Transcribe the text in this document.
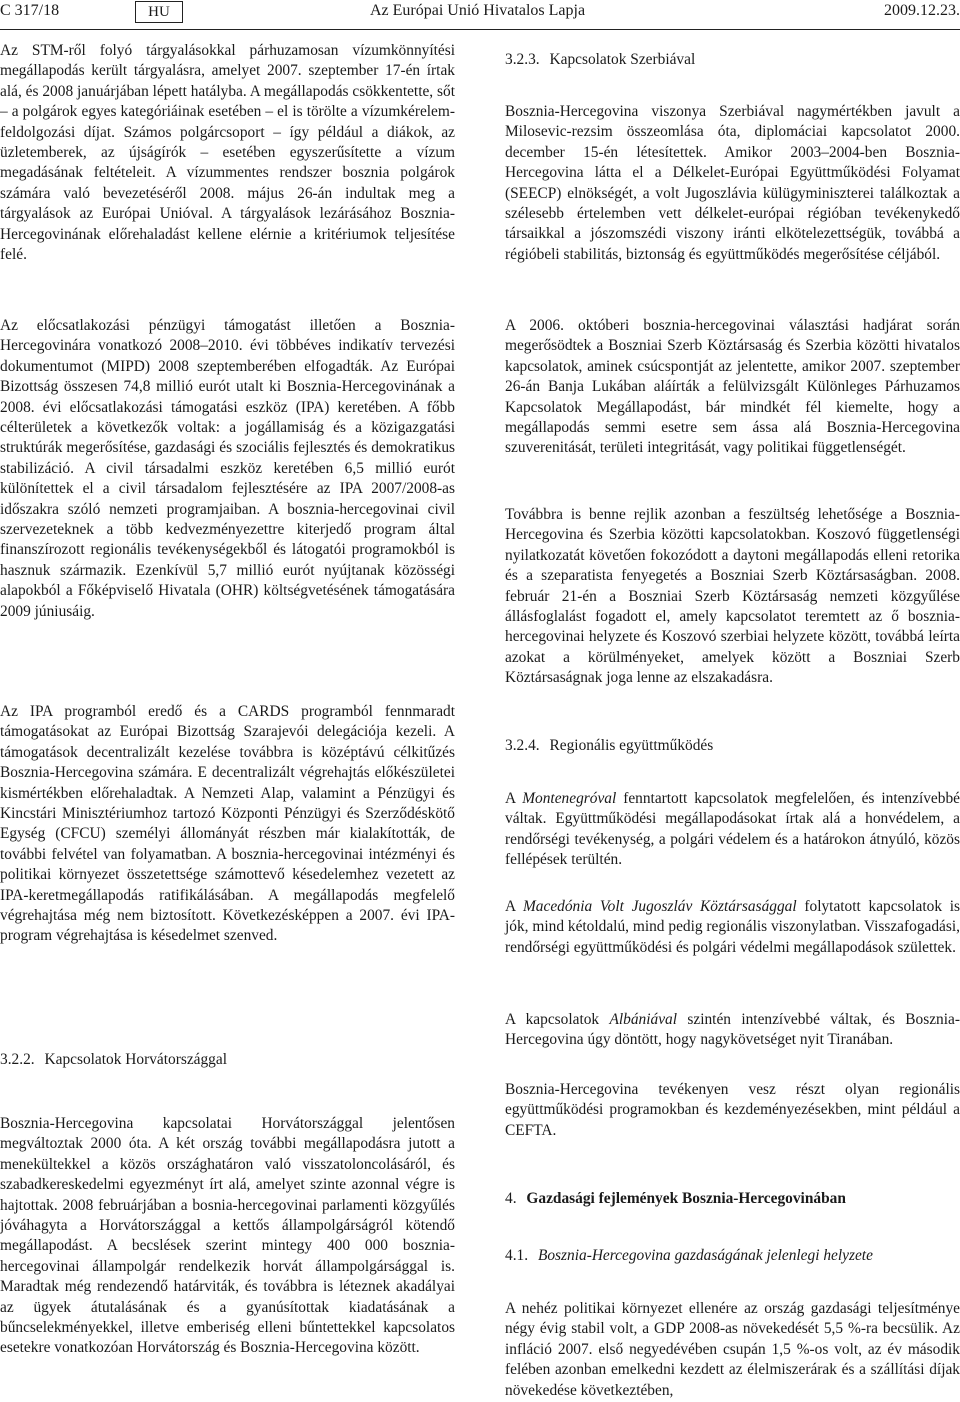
C 317/18	HU	Az Európai Unió Hivatalos Lapja	2009.12.23.

Az STM-ről folyó tárgyalásokkal párhuzamosan vízumkönnyítési megállapodás került tárgyalásra, amelyet 2007. szeptember 17-én írtak alá, és 2008 januárjában lépett hatályba. A megállapodás csökkentette, sőt – a polgárok egyes kategóriáinak esetében – el is törölte a vízumkérelem-feldolgozási díjat. Számos polgárcsoport – így például a diákok, az üzletemberek, az újságírók – esetében egyszerűsítette a vízum megadásának feltételeit. A vízummentes rendszer bosznia polgárok számára való bevezetéséről 2008. május 26-án indultak meg a tárgyalások az Európai Unióval. A tárgyalások lezárásához Bosznia-Hercegovinának előrehaladást kellene elérnie a kritériumok teljesítése felé.

Az előcsatlakozási pénzügyi támogatást illetően a Bosznia-Hercegovinára vonatkozó 2008–2010. évi többéves indikatív tervezési dokumentumot (MIPD) 2008 szeptemberében elfogadták. Az Európai Bizottság összesen 74,8 millió eurót utalt ki Bosznia-Hercegovinának a 2008. évi előcsatlakozási támogatási eszköz (IPA) keretében. A főbb célterületek a következők voltak: a jogállamiság és a közigazgatási struktúrák megerősítése, gazdasági és szociális fejlesztés és demokratikus stabilizáció. A civil társadalmi eszköz keretében 6,5 millió eurót különítettek el a civil társadalom fejlesztésére az IPA 2007/2008-as időszakra szóló nemzeti programjaiban. A bosznia-hercegovinai civil szervezeteknek a több kedvezményezettre kiterjedő program által finanszírozott regionális tevékenységekből és látogatói programokból is hasznuk származik. Ezenkívül 5,7 millió eurót nyújtanak közösségi alapokból a Főképviselő Hivatala (OHR) költségvetésének támogatására 2009 júniusáig.

Az IPA programból eredő és a CARDS programból fennmaradt támogatásokat az Európai Bizottság Szarajevói delegációja kezeli. A támogatások decentralizált kezelése továbbra is középtávú célkitűzés Bosznia-Hercegovina számára. E decentralizált végrehajtás előkészületei kismértékben előrehaladtak. A Nemzeti Alap, valamint a Pénzügyi és Kincstári Minisztériumhoz tartozó Központi Pénzügyi és Szerződéskötő Egység (CFCU) személyi állományát részben már kialakították, de további felvétel van folyamatban. A bosznia-hercegovinai intézményi és politikai környezet összetettsége számottevő késedelemhez vezetett az IPA-keretmegállapodás ratifikálásában. A megállapodás megfelelő végrehajtása még nem biztosított. Következésképpen a 2007. évi IPA-program végrehajtása is késedelmet szenved.

3.2.2. Kapcsolatok Horvátországgal

Bosznia-Hercegovina kapcsolatai Horvátországgal jelentősen megváltoztak 2000 óta. A két ország további megállapodásra jutott a menekültekkel a közös országhatáron való visszatoloncolásáról, és szabadkereskedelmi egyezményt írt alá, amelyet szinte azonnal végre is hajtottak. 2008 februárjában a bosnia-hercegovinai parlamenti közgyűlés jóváhagyta a Horvátországgal a kettős állampolgárságról kötendő megállapodást. A becslések szerint mintegy 400 000 bosznia-hercegovinai állampolgár rendelkezik horvát állampolgársággal is. Maradtak még rendezendő határviták, és továbbra is léteznek akadályai az ügyek átutalásának és a gyanúsítottak kiadatásának a bűncselekményekkel, illetve emberiség elleni bűntettekkel kapcsolatos esetekre vonatkozóan Horvátország és Bosznia-Hercegovina között.

3.2.3. Kapcsolatok Szerbiával

Bosznia-Hercegovina viszonya Szerbiával nagymértékben javult a Milosevic-rezsim összeomlása óta, diplomáciai kapcsolatot 2000. december 15-én létesítettek. Amikor 2003–2004-ben Bosznia-Hercegovina látta el a Délkelet-Európai Együttműködési Folyamat (SEECP) elnökségét, a volt Jugoszlávia külügyminiszterei találkoztak a szélesebb értelemben vett délkelet-európai régióban tevékenykedő társaikkal a jószomszédi viszony iránti elkötelezettségük, továbbá a régióbeli stabilitás, biztonság és együttműködés megerősítése céljából.

A 2006. októberi bosznia-hercegovinai választási hadjárat során megerősödtek a Boszniai Szerb Köztársaság és Szerbia közötti hivatalos kapcsolatok, aminek csúcspontját az jelentette, amikor 2007. szeptember 26-án Banja Lukában aláírták a felülvizsgált Különleges Párhuzamos Kapcsolatok Megállapodást, bár mindkét fél kiemelte, hogy a megállapodás semmi esetre sem ássa alá Bosznia-Hercegovina szuverenitását, területi integritását, vagy politikai függetlenségét.

Továbbra is benne rejlik azonban a feszültség lehetősége a Bosznia-Hercegovina és Szerbia közötti kapcsolatokban. Koszovó függetlenségi nyilatkozatát követően fokozódott a daytoni megállapodás elleni retorika és a szeparatista fenyegetés a Boszniai Szerb Köztársaságban. 2008. február 21-én a Boszniai Szerb Köztársaság nemzeti közgyűlése állásfoglalást fogadott el, amely kapcsolatot teremtett az ő bosznia-hercegovinai helyzete és Koszovó szerbiai helyzete között, továbbá leírta azokat a körülményeket, amelyek között a Boszniai Szerb Köztársaságnak joga lenne az elszakadásra.

3.2.4. Regionális együttműködés

A Montenegróval fenntartott kapcsolatok megfelelően, és intenzívebbé váltak. Együttműködési megállapodásokat írtak alá a honvédelem, a rendőrségi tevékenység, a polgári védelem és a határokon átnyúló, közös fellépések terültén.

A Macedónia Volt Jugoszláv Köztársasággal folytatott kapcsolatok is jók, mind kétoldalú, mind pedig regionális viszonylatban. Visszafogadási, rendőrségi együttműködési és polgári védelmi megállapodások születtek.

A kapcsolatok Albániával szintén intenzívebbé váltak, és Bosznia-Hercegovina úgy döntött, hogy nagykövetséget nyit Tiranában.

Bosznia-Hercegovina tevékenyen vesz részt olyan regionális együttműködési programokban és kezdeményezésekben, mint például a CEFTA.

4. Gazdasági fejlemények Bosznia-Hercegovinában
4.1. Bosznia-Hercegovina gazdaságának jelenlegi helyzete

A nehéz politikai környezet ellenére az ország gazdasági teljesítménye négy évig stabil volt, a GDP 2008-as növekedését 5,5 %-ra becsülik. Az infláció 2007. első negyedévében csupán 1,5 %-os volt, az év második felében azonban emelkedni kezdett az élelmiszerárak és a szállítási díjak növekedése következtében,
